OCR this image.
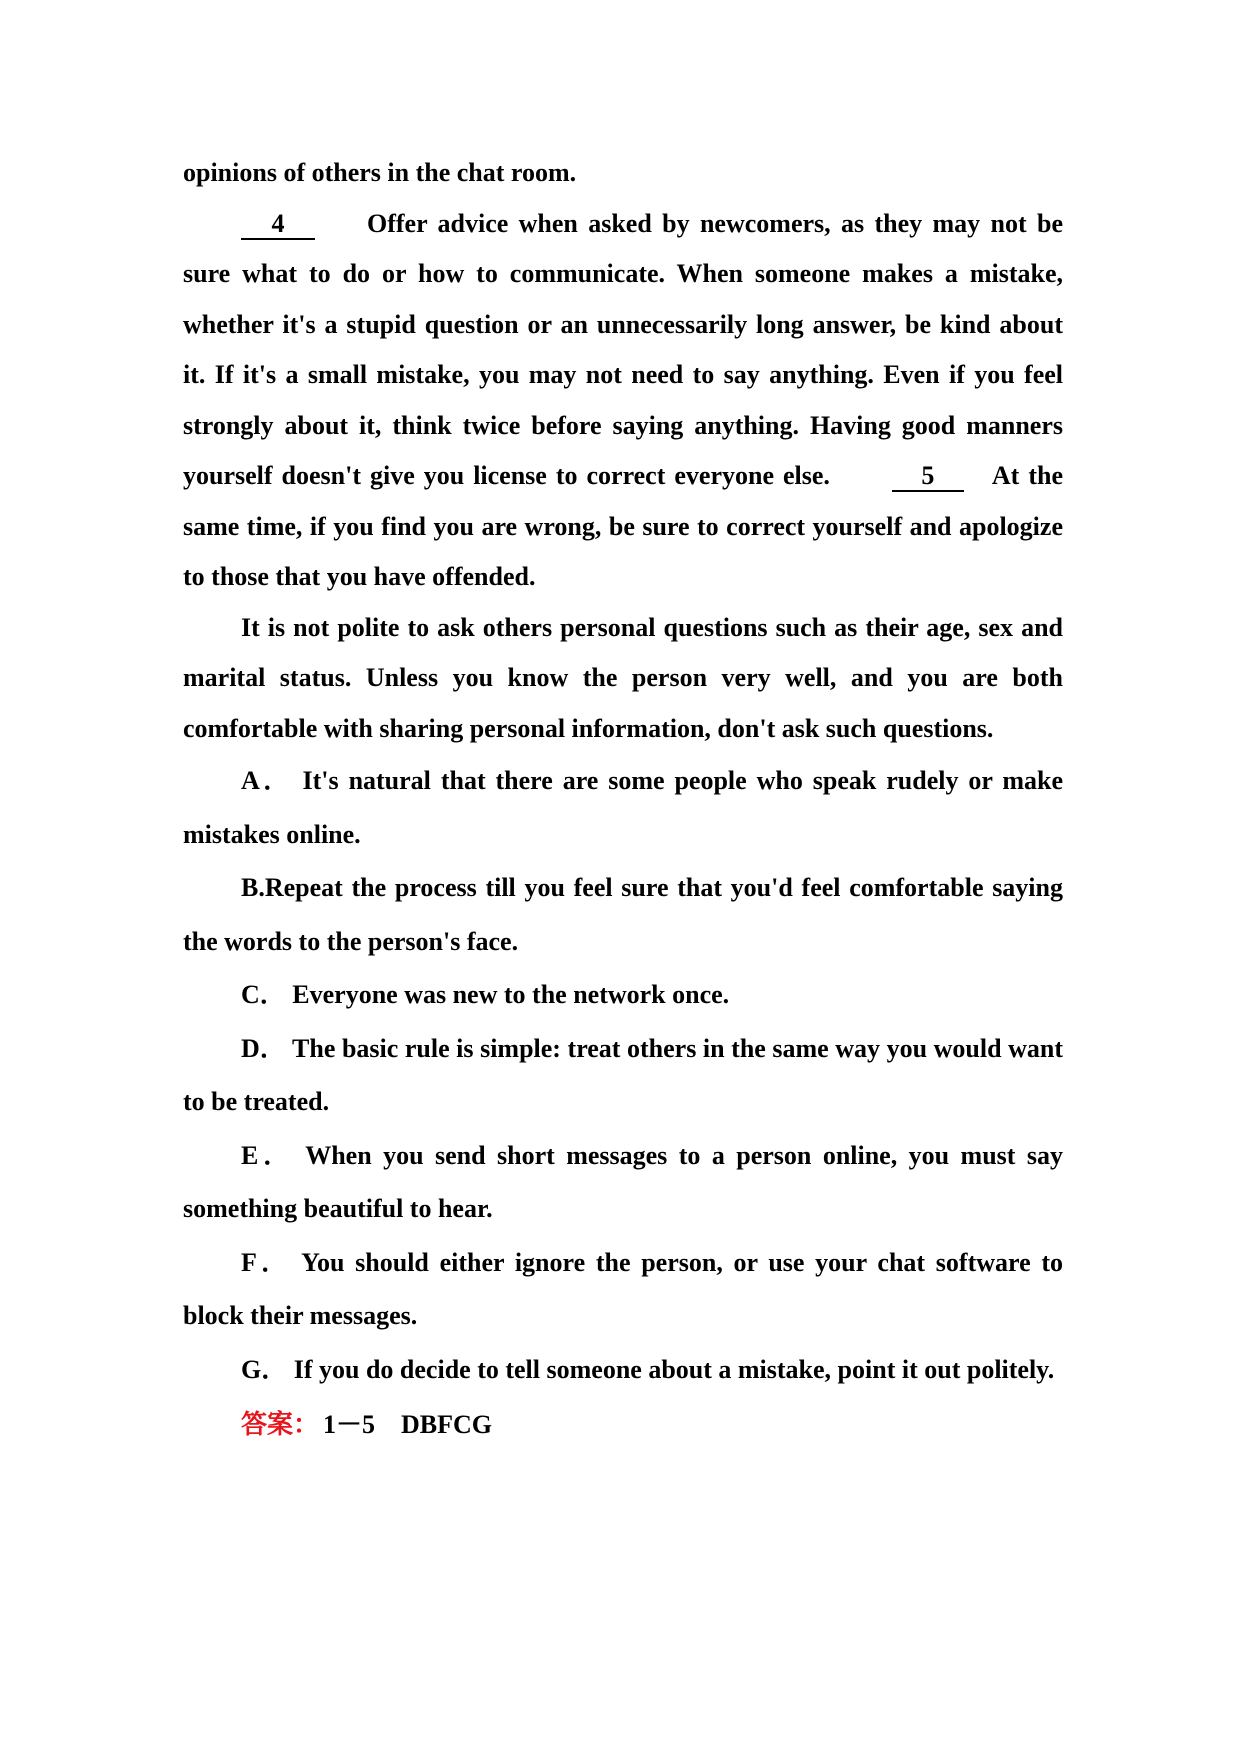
opinions of others in the chat room.

4	Offer advice when asked by newcomers, as they may not be sure what to do or how to communicate. When someone makes a mistake, whether it's a stupid question or an unnecessarily long answer, be kind about it. If it's a small mistake, you may not need to say anything. Even if you feel strongly about it, think twice before saying anything. Having good manners yourself doesn't give you license to correct everyone else.	5 At the same time, if you find you are wrong, be sure to correct yourself and apologize to those that you have offended.

It is not polite to ask others personal questions such as their age, sex and marital status. Unless you know the person very well, and you are both comfortable with sharing personal information, don't ask such questions.

A． It's natural that there are some people who speak rudely or make mistakes online.

B.Repeat the process till you feel sure that you'd feel comfortable saying the words to the person's face.

C． Everyone was new to the network once.

D． The basic rule is simple: treat others in the same way you would want to be treated.

E． When you send short messages to a person online, you must say something beautiful to hear.

F． You should either ignore the person, or use your chat software to block their messages.

G． If you do decide to tell someone about a mistake, point it out politely.

答案： 1－5 DBFCG
